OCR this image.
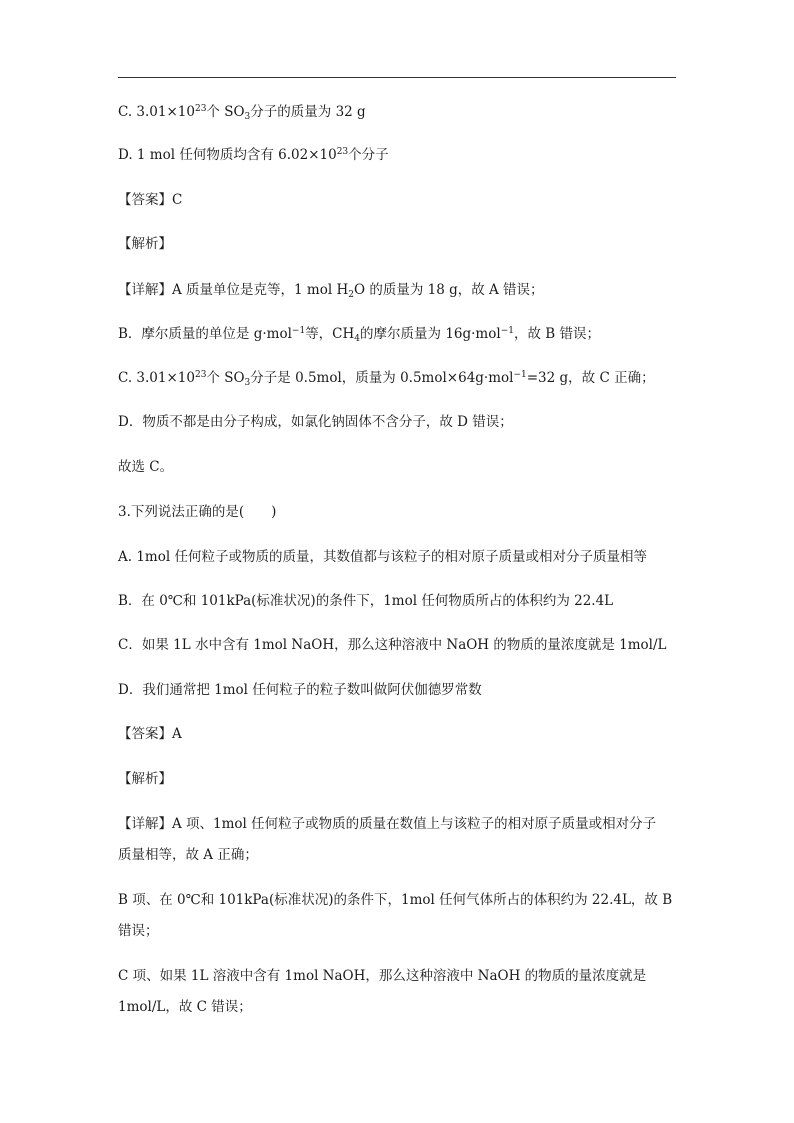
C. $3.01\times 10^{23}$个 $SO_3$分子的质量为 32 g
D. 1 mol 任何物质均含有 $6.02\times 10^{23}$个分子
【答案】C
【解析】
【详解】A 质量单位是克等，1 mol $H_2O$ 的质量为 18 g，故 A 错误；
B．摩尔质量的单位是 g·mol$^{-1}$等，$CH_4$的摩尔质量为 16g·mol$^{-1}$，故 B 错误；
C. $3.01\times 10^{23}$个 $SO_3$分子是 0.5mol，质量为 0.5mol×64g·mol$^{-1}$=32 g，故 C 正确；
D．物质不都是由分子构成，如氯化钠固体不含分子，故 D 错误；
故选 C。
3.下列说法正确的是(　　)
A. 1mol 任何粒子或物质的质量，其数值都与该粒子的相对原子质量或相对分子质量相等
B．在 0℃和 101kPa(标准状况)的条件下，1mol 任何物质所占的体积约为 22.4L
C．如果 1L 水中含有 1mol NaOH，那么这种溶液中 NaOH 的物质的量浓度就是 1mol/L
D．我们通常把 1mol 任何粒子的粒子数叫做阿伏伽德罗常数
【答案】A
【解析】
【详解】A 项、1mol 任何粒子或物质的质量在数值上与该粒子的相对原子质量或相对分子
质量相等，故 A 正确；
B 项、在 0℃和 101kPa(标准状况)的条件下，1mol 任何气体所占的体积约为 22.4L，故 B
错误；
C 项、如果 1L 溶液中含有 1mol NaOH，那么这种溶液中 NaOH 的物质的量浓度就是
1mol/L，故 C 错误；
